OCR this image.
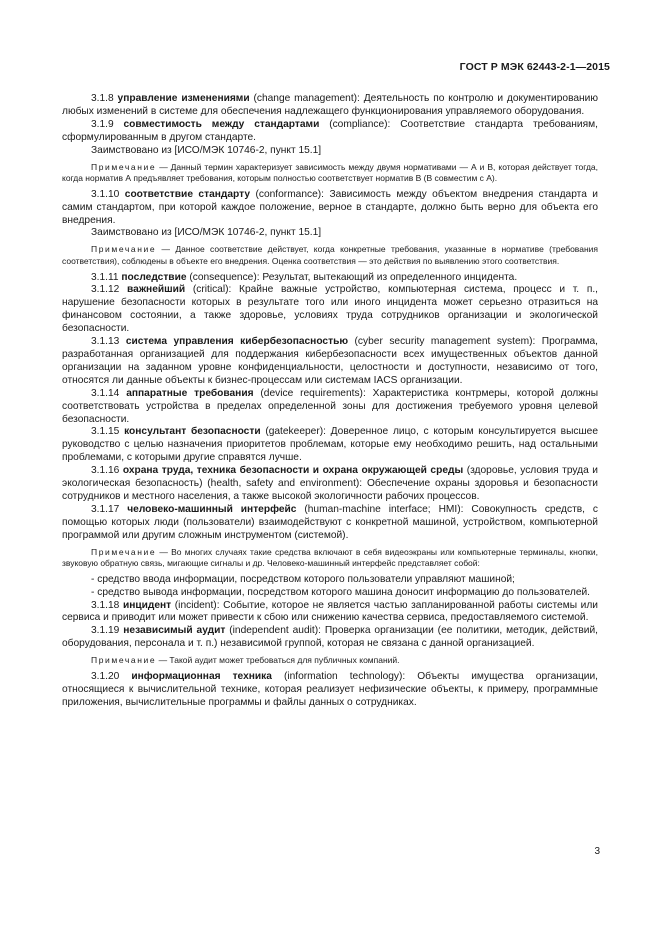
ГОСТ Р МЭК 62443-2-1—2015

3.1.8 управление изменениями (change management): Деятельность по контролю и документированию любых изменений в системе для обеспечения надлежащего функционирования управляемого оборудования.

3.1.9 совместимость между стандартами (compliance): Соответствие стандарта требованиям, сформулированным в другом стандарте.

Заимствовано из [ИСО/МЭК 10746-2, пункт 15.1]

Примечание — Данный термин характеризует зависимость между двумя нормативами — А и В, которая действует тогда, когда норматив А предъявляет требования, которым полностью соответствует норматив В (В совместим с А).

3.1.10 соответствие стандарту (conformance): Зависимость между объектом внедрения стандарта и самим стандартом, при которой каждое положение, верное в стандарте, должно быть верно для объекта его внедрения.

Заимствовано из [ИСО/МЭК 10746-2, пункт 15.1]

Примечание — Данное соответствие действует, когда конкретные требования, указанные в нормативе (требования соответствия), соблюдены в объекте его внедрения. Оценка соответствия — это действия по выявлению этого соответствия.

3.1.11 последствие (consequence): Результат, вытекающий из определенного инцидента.

3.1.12 важнейший (critical): Крайне важные устройство, компьютерная система, процесс и т. п., нарушение безопасности которых в результате того или иного инцидента может серьезно отразиться на финансовом состоянии, а также здоровье, условиях труда сотрудников организации и экологической безопасности.

3.1.13 система управления кибербезопасностью (cyber security management system): Программа, разработанная организацией для поддержания кибербезопасности всех имущественных объектов данной организации на заданном уровне конфиденциальности, целостности и доступности, независимо от того, относятся ли данные объекты к бизнес-процессам или системам IACS организации.

3.1.14 аппаратные требования (device requirements): Характеристика контрмеры, которой должны соответствовать устройства в пределах определенной зоны для достижения требуемого уровня целевой безопасности.

3.1.15 консультант безопасности (gatekeeper): Доверенное лицо, с которым консультируется высшее руководство с целью назначения приоритетов проблемам, которые ему необходимо решить, над остальными проблемами, с которыми другие справятся лучше.

3.1.16 охрана труда, техника безопасности и охрана окружающей среды (здоровье, условия труда и экологическая безопасность) (health, safety and environment): Обеспечение охраны здоровья и безопасности сотрудников и местного населения, а также высокой экологичности рабочих процессов.

3.1.17 человеко-машинный интерфейс (human-machine interface; HMI): Совокупность средств, с помощью которых люди (пользователи) взаимодействуют с конкретной машиной, устройством, компьютерной программой или другим сложным инструментом (системой).

Примечание — Во многих случаях такие средства включают в себя видеоэкраны или компьютерные терминалы, кнопки, звуковую обратную связь, мигающие сигналы и др. Человеко-машинный интерфейс представляет собой:

- средство ввода информации, посредством которого пользователи управляют машиной;

- средство вывода информации, посредством которого машина доносит информацию до пользователей.

3.1.18 инцидент (incident): Событие, которое не является частью запланированной работы системы или сервиса и приводит или может привести к сбою или снижению качества сервиса, предоставляемого системой.

3.1.19 независимый аудит (independent audit): Проверка организации (ее политики, методик, действий, оборудования, персонала и т. п.) независимой группой, которая не связана с данной организацией.

Примечание — Такой аудит может требоваться для публичных компаний.

3.1.20 информационная техника (information technology): Объекты имущества организации, относящиеся к вычислительной технике, которая реализует нефизические объекты, к примеру, программные приложения, вычислительные программы и файлы данных о сотрудниках.

3
